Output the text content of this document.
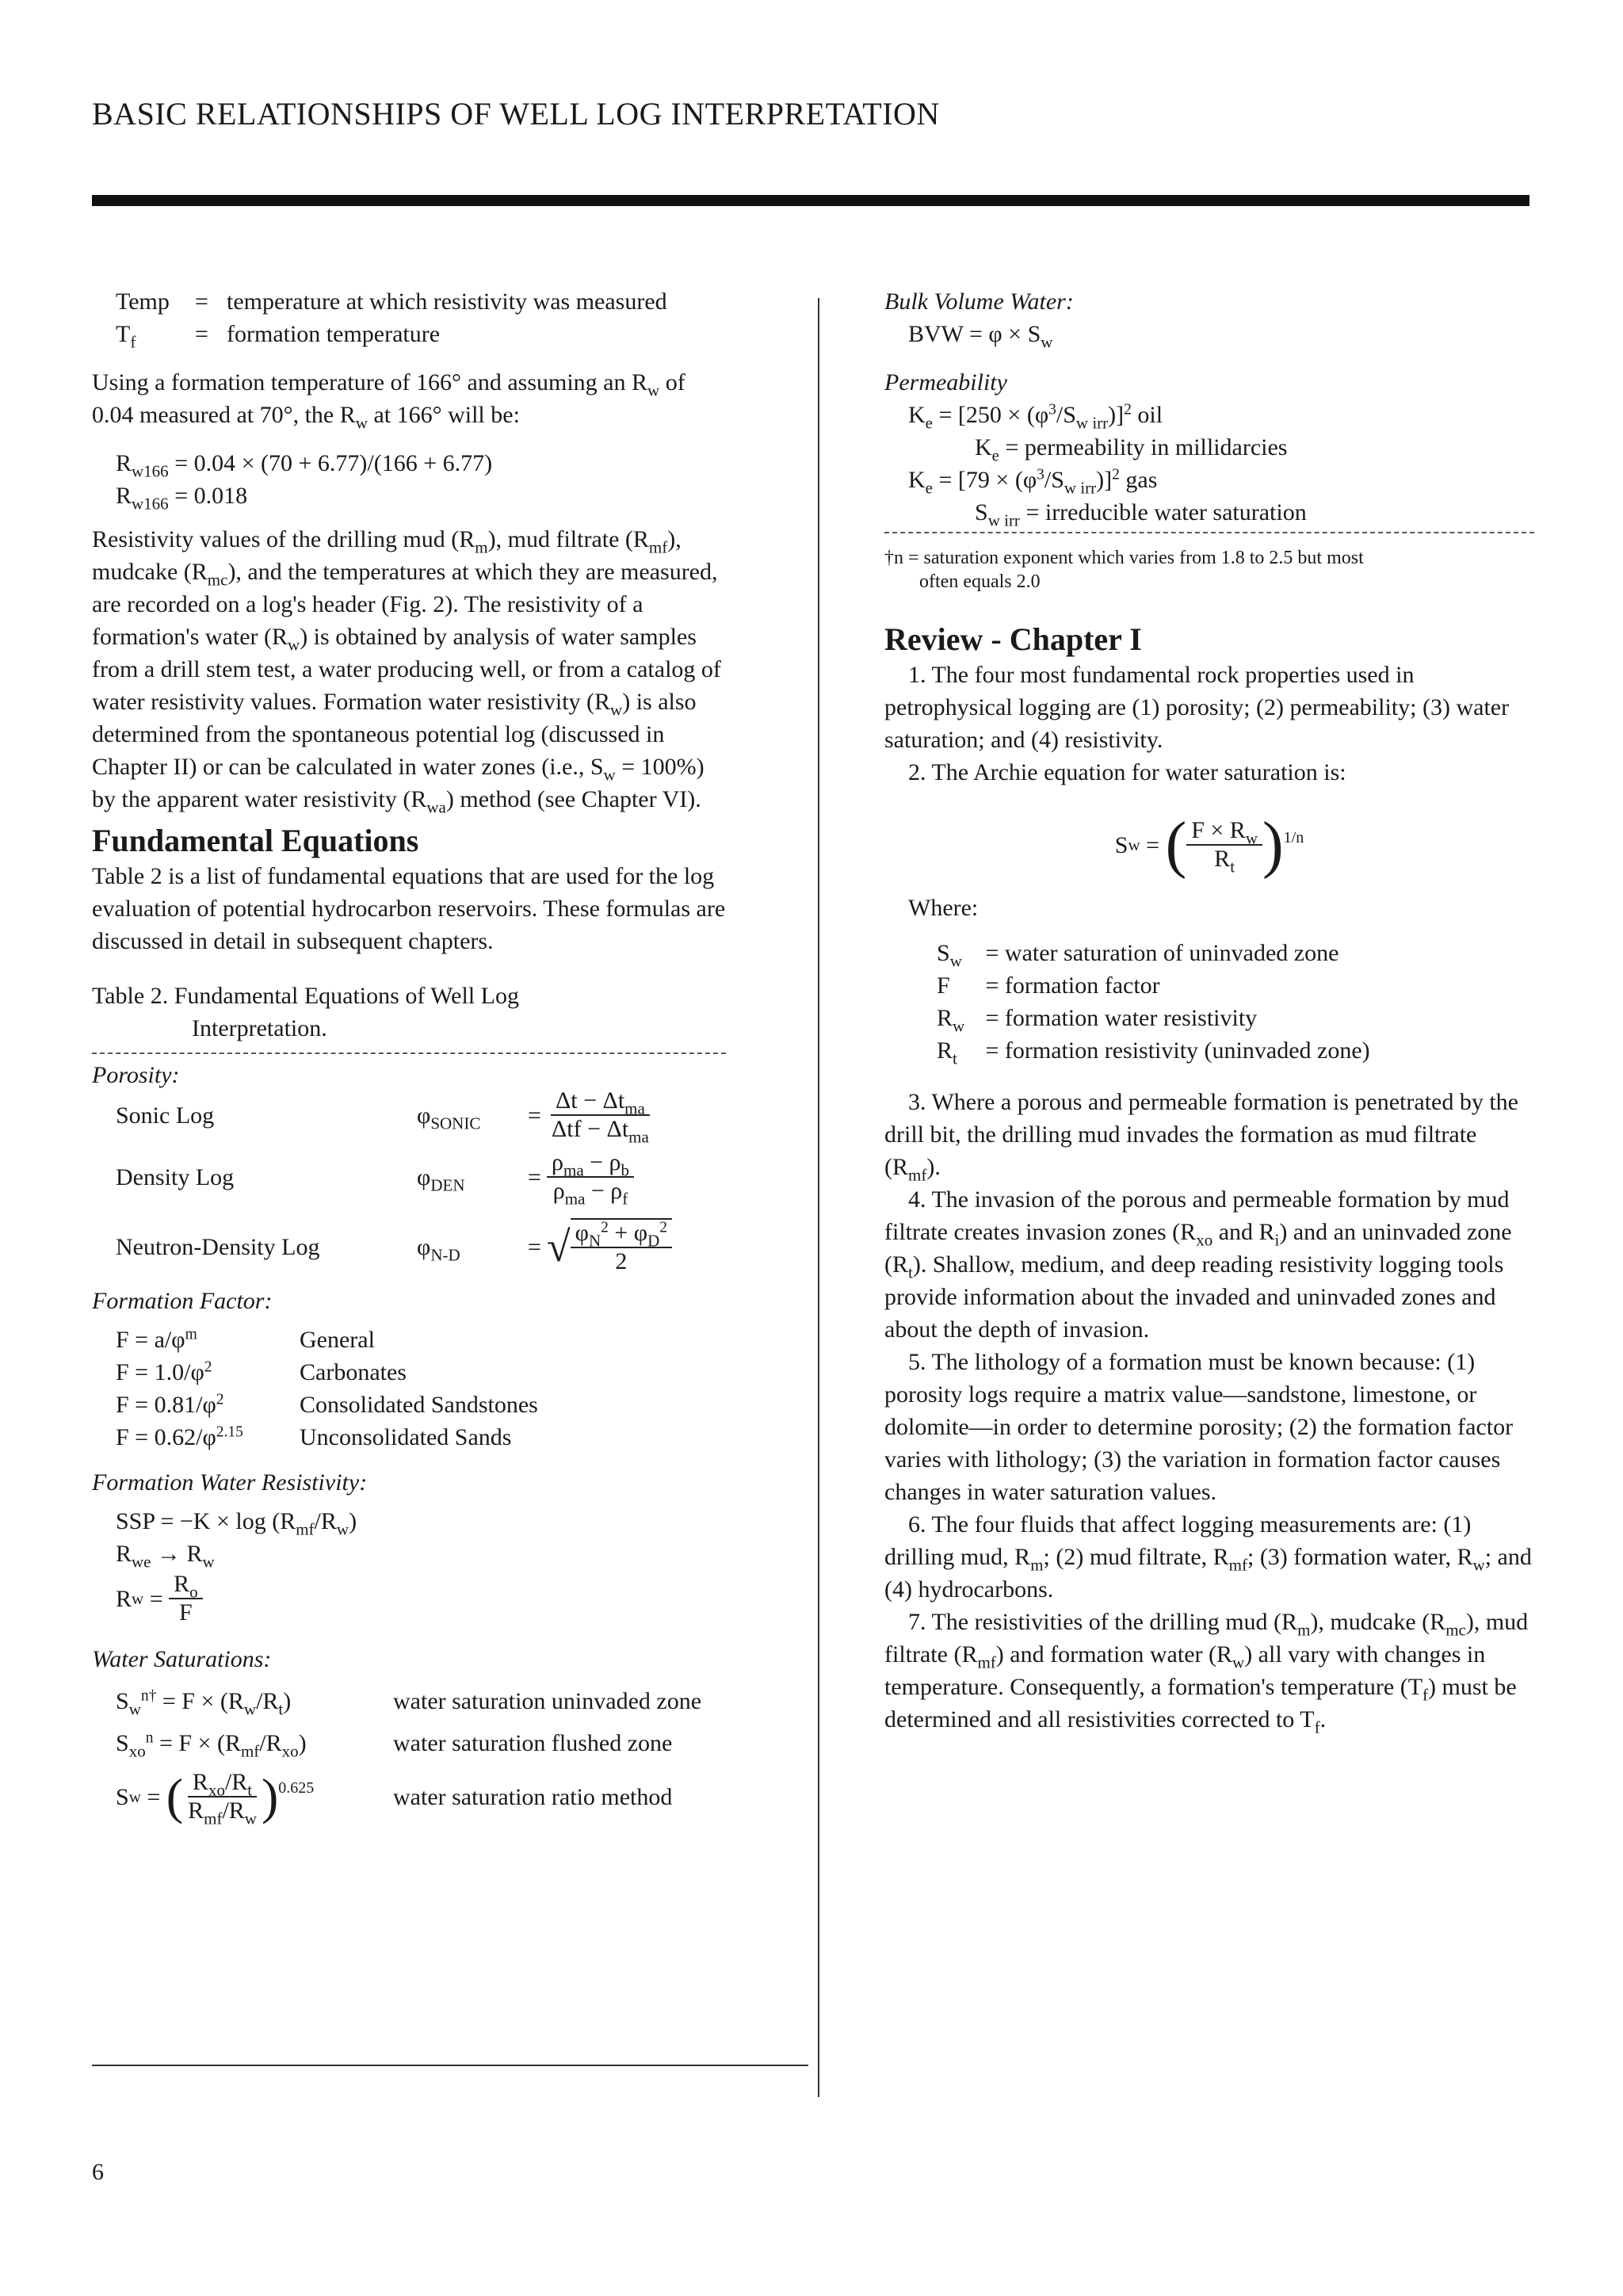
BASIC RELATIONSHIPS OF WELL LOG INTERPRETATION
Temp	= temperature at which resistivity was measured
$T_f$	= formation temperature

Using a formation temperature of 166° and assuming an $R_w$ of 0.04 measured at 70°, the $R_w$ at 166° will be:

$R_{w166} = 0.04 \times (70 + 6.77)/(166 + 6.77)$
$R_{w166} = 0.018$

Resistivity values of the drilling mud $(R_m)$, mud filtrate $(R_{mf})$, mudcake $(R_{mc})$, and the temperatures at which they are measured, are recorded on a log's header (Fig. 2). The resistivity of a formation's water $(R_w)$ is obtained by analysis of water samples from a drill stem test, a water producing well, or from a catalog of water resistivity values. Formation water resistivity $(R_w)$ is also determined from the spontaneous potential log (discussed in Chapter II) or can be calculated in water zones (i.e., $S_w = 100\%$) by the apparent water resistivity $(R_{wa})$ method (see Chapter VI).

Fundamental Equations

Table 2 is a list of fundamental equations that are used for the log evaluation of potential hydrocarbon reservoirs. These formulas are discussed in detail in subsequent chapters.

Table 2. Fundamental Equations of Well Log
Interpretation.
Porosity:
Sonic Log	$\varphi_{SONIC}$	= $\frac{\Delta t - \Delta t_{ma}}{\Delta tf - \Delta t_{ma}}$
Density Log	$\varphi_{DEN}$	= $\frac{\rho_{ma} - \rho_b}{\rho_{ma} - \rho_f}$
Neutron-Density Log	$\varphi_{N-D}$	= √ $\frac{\varphi_N^2 + \varphi_D^2}{2}$
Formation Factor:
$F = a/\varphi^m$	General
$F = 1.0/\varphi^2$	Carbonates
$F = 0.81/\varphi^2$	Consolidated Sandstones
$F = 0.62/\varphi^{2.15}$	Unconsolidated Sands
Formation Water Resistivity:
SSP = $-K \times \log (R_{mf}/R_w)$
$R_{we} \to R_w$
R $w = \frac{R_o}{F}$
Water Saturations:
$S_w^{n\dagger} = F \times (R_w/R_t)$	water saturation uninvaded zone
$S_{xo}^n = F \times (R_{mf}/R_{xo})$	water saturation flushed zone
S w = ( $\frac{R_{xo}/R_t}{R_{mf}/R_w}$ ) 0.625	water saturation ratio method
Bulk Volume Water:
BVW = $\varphi \times S_w$
Permeability
$K_e = [250 \times (\varphi^3/S_{w irr})]^2$ oil
$K_e$ = permeability in millidarcies
$K_e = [79 \times (\varphi^3/S_{w irr})]^2$ gas
$S_{w irr}$ = irreducible water saturation
†n = saturation exponent which varies from 1.8 to 2.5 but most
often equals 2.0
Review - Chapter I

1. The four most fundamental rock properties used in petrophysical logging are (1) porosity; (2) permeability; (3) water saturation; and (4) resistivity.

2. The Archie equation for water saturation is:

S w = ( $\frac{F \times R_w}{R_t}$ ) 1/n
Where:
$S_w$ = water saturation of uninvaded zone
F	= formation factor
$R_w$ = formation water resistivity
$R_t$ = formation resistivity (uninvaded zone)

3. Where a porous and permeable formation is penetrated by the drill bit, the drilling mud invades the formation as mud filtrate $(R_{mf})$.

4. The invasion of the porous and permeable formation by mud filtrate creates invasion zones ($R_{xo}$ and $R_i$) and an uninvaded zone $(R_t)$. Shallow, medium, and deep reading resistivity logging tools provide information about the invaded and uninvaded zones and about the depth of invasion.

5. The lithology of a formation must be known because: (1) porosity logs require a matrix value—sandstone, limestone, or dolomite—in order to determine porosity; (2) the formation factor varies with lithology; (3) the variation in formation factor causes changes in water saturation values.

6. The four fluids that affect logging measurements are: (1) drilling mud, $R_m$; (2) mud filtrate, $R_{mf}$; (3) formation water, $R_w$; and (4) hydrocarbons.

7. The resistivities of the drilling mud $(R_m)$, mudcake $(R_{mc})$, mud filtrate $(R_{mf})$ and formation water $(R_w)$ all vary with changes in temperature. Consequently, a formation's temperature $(T_f)$ must be determined and all resistivities corrected to $T_f$.

6
